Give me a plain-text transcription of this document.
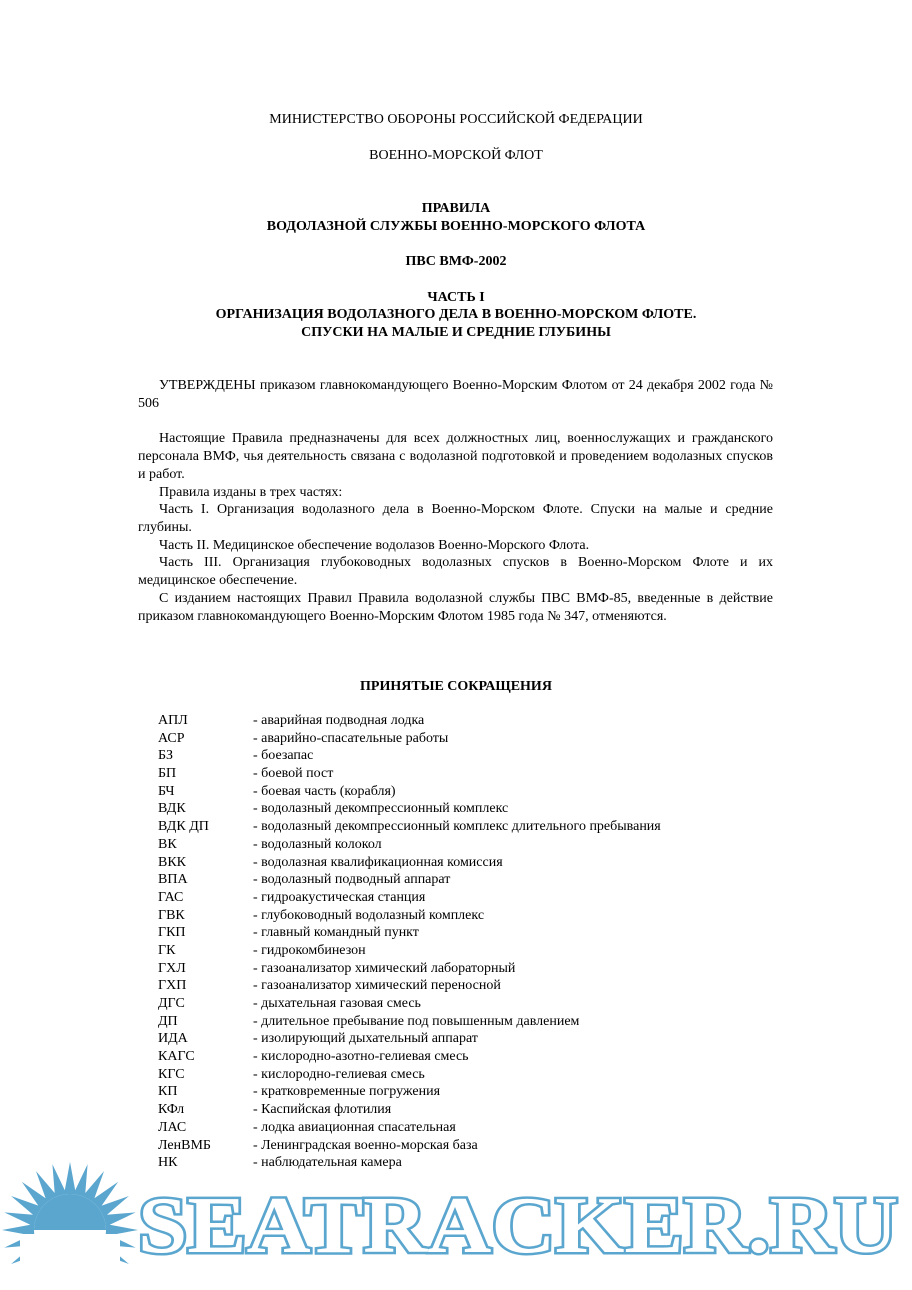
МИНИСТЕРСТВО ОБОРОНЫ РОССИЙСКОЙ ФЕДЕРАЦИИ
ВОЕННО-МОРСКОЙ ФЛОТ
ПРАВИЛА
ВОДОЛАЗНОЙ СЛУЖБЫ ВОЕННО-МОРСКОГО ФЛОТА
ПВС ВМФ-2002
ЧАСТЬ I
ОРГАНИЗАЦИЯ ВОДОЛАЗНОГО ДЕЛА В ВОЕННО-МОРСКОМ ФЛОТЕ.
СПУСКИ НА МАЛЫЕ И СРЕДНИЕ ГЛУБИНЫ

УТВЕРЖДЕНЫ приказом главнокомандующего Военно-Морским Флотом от 24 декабря 2002 года № 506

Настоящие Правила предназначены для всех должностных лиц, военнослужащих и гражданского персонала ВМФ, чья деятельность связана с водолазной подготовкой и проведением водолазных спусков и работ.

Правила изданы в трех частях:

Часть I. Организация водолазного дела в Военно-Морском Флоте. Спуски на малые и средние глубины.

Часть II. Медицинское обеспечение водолазов Военно-Морского Флота.

Часть III. Организация глубоководных водолазных спусков в Военно-Морском Флоте и их медицинское обеспечение.

С изданием настоящих Правил Правила водолазной службы ПВС ВМФ-85, введенные в действие приказом главнокомандующего Военно-Морским Флотом 1985 года № 347, отменяются.

ПРИНЯТЫЕ СОКРАЩЕНИЯ
АПЛ	- аварийная подводная лодка
АСР	- аварийно-спасательные работы
БЗ	- боезапас
БП	- боевой пост
БЧ	- боевая часть (корабля)
ВДК	- водолазный декомпрессионный комплекс
ВДК ДП	- водолазный декомпрессионный комплекс длительного пребывания
ВК	- водолазный колокол
ВКК	- водолазная квалификационная комиссия
ВПА	- водолазный подводный аппарат
ГАС	- гидроакустическая станция
ГВК	- глубоководный водолазный комплекс
ГКП	- главный командный пункт
ГК	- гидрокомбинезон
ГХЛ	- газоанализатор химический лабораторный
ГХП	- газоанализатор химический переносной
ДГС	- дыхательная газовая смесь
ДП	- длительное пребывание под повышенным давлением
ИДА	- изолирующий дыхательный аппарат
КАГС	- кислородно-азотно-гелиевая смесь
КГС	- кислородно-гелиевая смесь
КП	- кратковременные погружения
КФл	- Каспийская флотилия
ЛАС	- лодка авиационная спасательная
ЛенВМБ	- Ленинградская военно-морская база
НК	- наблюдательная камера
SEATRACKER.RU
